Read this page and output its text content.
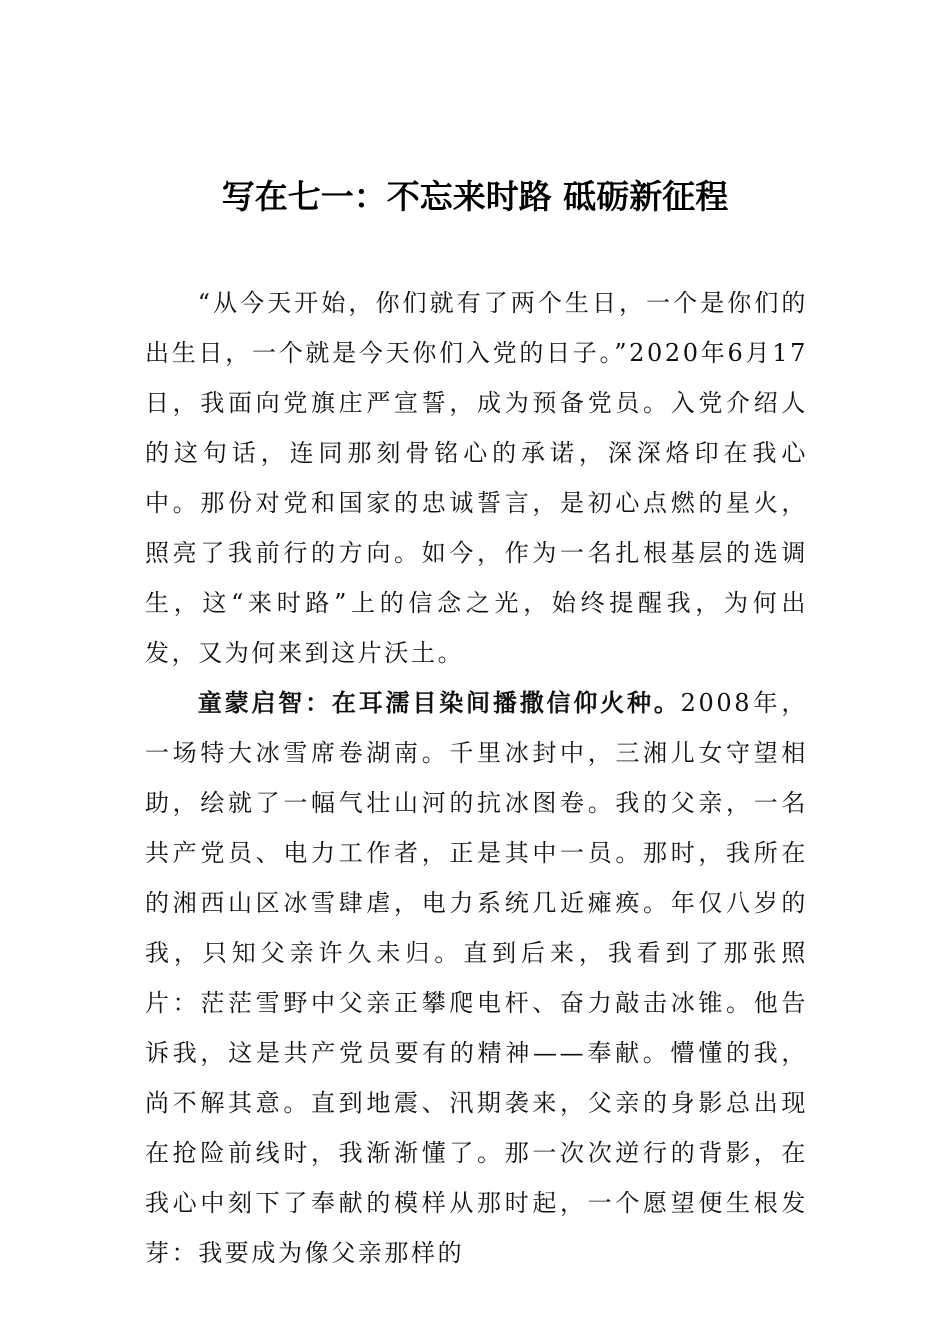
写在七一：不忘来时路 砥砺新征程

“从今天开始，你们就有了两个生日，一个是你们的出生日，一个就是今天你们入党的日子。”2020年6月17日，我面向党旗庄严宣誓，成为预备党员。入党介绍人的这句话，连同那刻骨铭心的承诺，深深烙印在我心中。那份对党和国家的忠诚誓言，是初心点燃的星火，照亮了我前行的方向。如今，作为一名扎根基层的选调生，这“来时路”上的信念之光，始终提醒我，为何出发，又为何来到这片沃土。

童蒙启智：在耳濡目染间播撒信仰火种。2008年，一场特大冰雪席卷湖南。千里冰封中，三湘儿女守望相助，绘就了一幅气壮山河的抗冰图卷。我的父亲，一名共产党员、电力工作者，正是其中一员。那时，我所在的湘西山区冰雪肆虐，电力系统几近瘫痪。年仅八岁的我，只知父亲许久未归。直到后来，我看到了那张照片：茫茫雪野中父亲正攀爬电杆、奋力敲击冰锥。他告诉我，这是共产党员要有的精神——奉献。懵懂的我，尚不解其意。直到地震、汛期袭来，父亲的身影总出现在抢险前线时，我渐渐懂了。那一次次逆行的背影，在我心中刻下了奉献的模样从那时起，一个愿望便生根发芽：我要成为像父亲那样的
